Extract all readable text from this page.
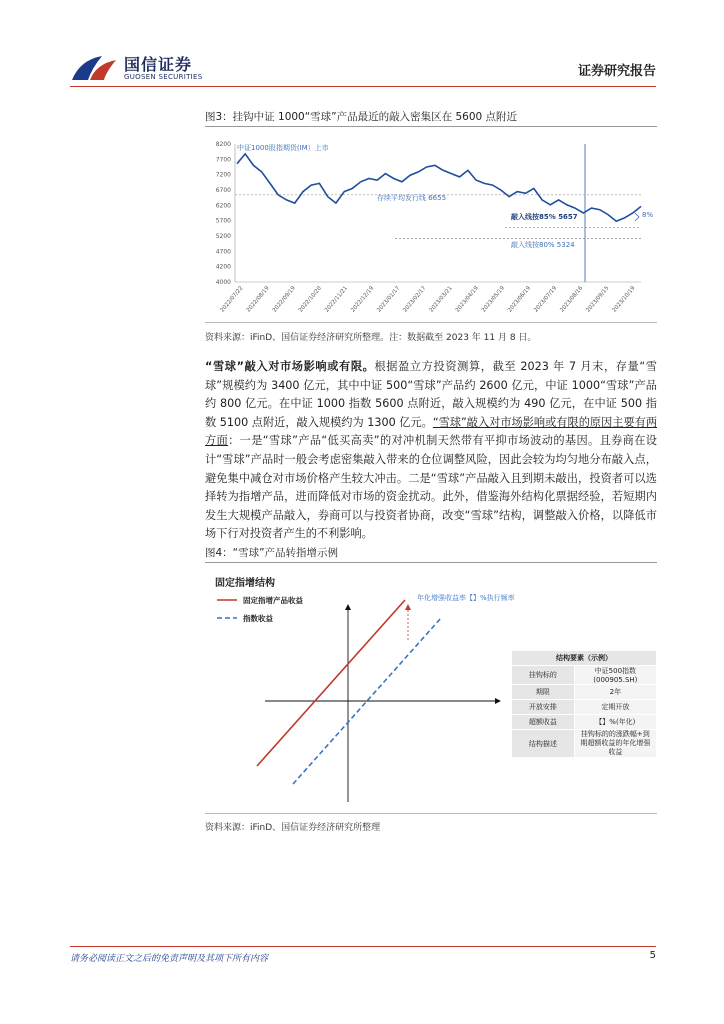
国信证券
GUOSEN SECURITIES	证券研究报告
图3：挂钩中证 1000“雪球”产品最近的敲入密集区在 5600 点附近
8200
7700
7200
6700
6200
5700
5200
4700
4200
4000
2022/07/22 2022/08/19 2022/09/19 2022/10/20 2022/11/21 2022/12/19 2023/01/17 2023/02/17 2023/03/21 2023/04/19 2023/05/19 2023/06/19 2023/07/19 2023/08/16 2023/09/15 2023/10/19
中证1000股指期货(IM）上市
存续平均发行线 6655
敲入线按85% 5657
敲入线按80% 5324
8%
资料来源：iFinD、国信证券经济研究所整理。注：数据截至 2023 年 11 月 8 日。
“雪球”敲入对市场影响或有限。根据盈立方投资测算，截至 2023 年 7 月末，存量“雪球”规模约为 3400 亿元，其中中证 500“雪球”产品约 2600 亿元，中证 1000“雪球”产品约 800 亿元。在中证 1000 指数 5600 点附近，敲入规模约为 490 亿元，在中证 500 指数 5100 点附近，敲入规模约为 1300 亿元。“雪球”敲入对市场影响或有限的原因主要有两方面：一是“雪球”产品“低买高卖”的对冲机制天然带有平抑市场波动的基因。且券商在设计“雪球”产品时一般会考虑密集敲入带来的仓位调整风险，因此会较为均匀地分布敲入点，避免集中减仓对市场价格产生较大冲击。二是“雪球”产品敲入且到期未敲出，投资者可以选择转为指增产品，进而降低对市场的资金扰动。此外，借鉴海外结构化票据经验，若短期内发生大规模产品敲入，券商可以与投资者协商，改变“雪球”结构，调整敲入价格，以降低市场下行对投资者产生的不利影响。
图4：“雪球”产品转指增示例
固定指增结构
固定指增产品收益
指数收益
年化增强收益率【】%执行频率
结构要素（示例）	
挂钩标的	中证500指数(000905.SH)
期限	2年
开放安排	定期开放
超额收益	【】%(年化)
结构描述	挂钩标的的涨跌幅+到期超额收益的年化增强收益
资料来源：iFinD、国信证券经济研究所整理
请务必阅读正文之后的免责声明及其项下所有内容	5
